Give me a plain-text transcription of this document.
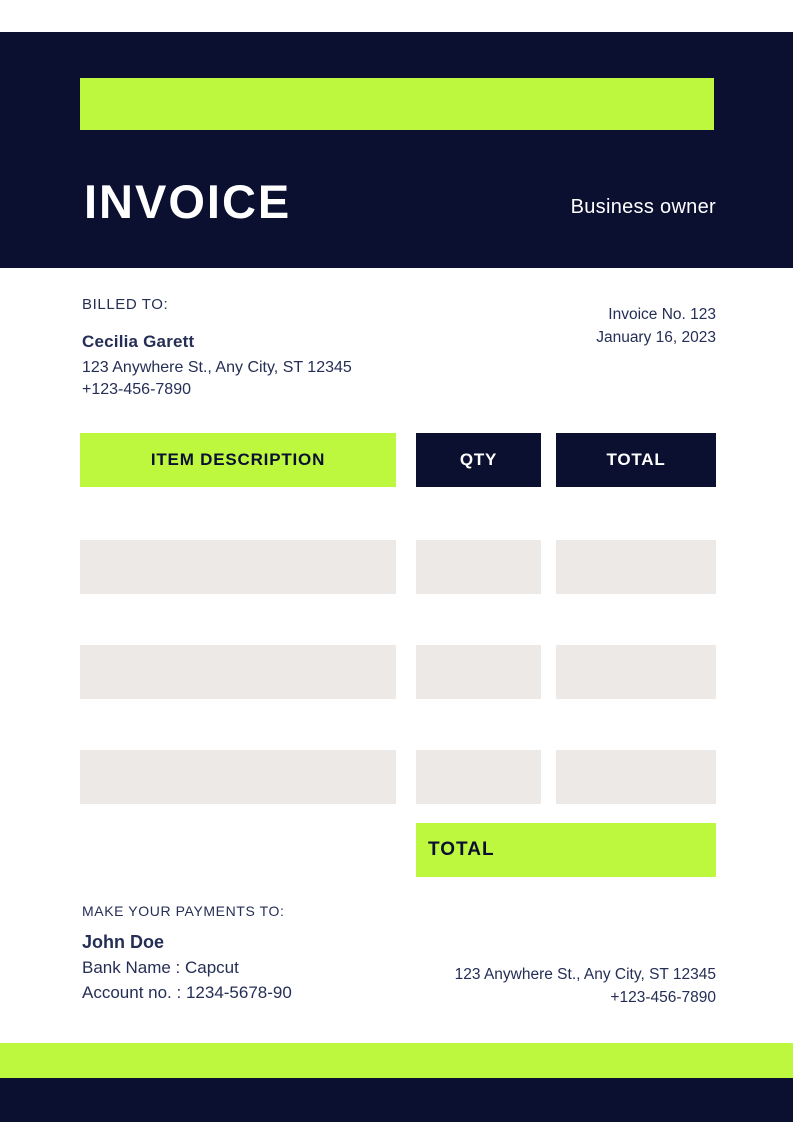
INVOICE	Business owner
BILLED TO:
Cecilia Garett
123 Anywhere St., Any City, ST 12345
+123-456-7890
Invoice No. 123
January 16, 2023
ITEM DESCRIPTION	QTY	TOTAL
TOTAL
MAKE YOUR PAYMENTS TO:
John Doe
Bank Name : Capcut
Account no. : 1234-5678-90
123 Anywhere St., Any City, ST 12345
+123-456-7890
